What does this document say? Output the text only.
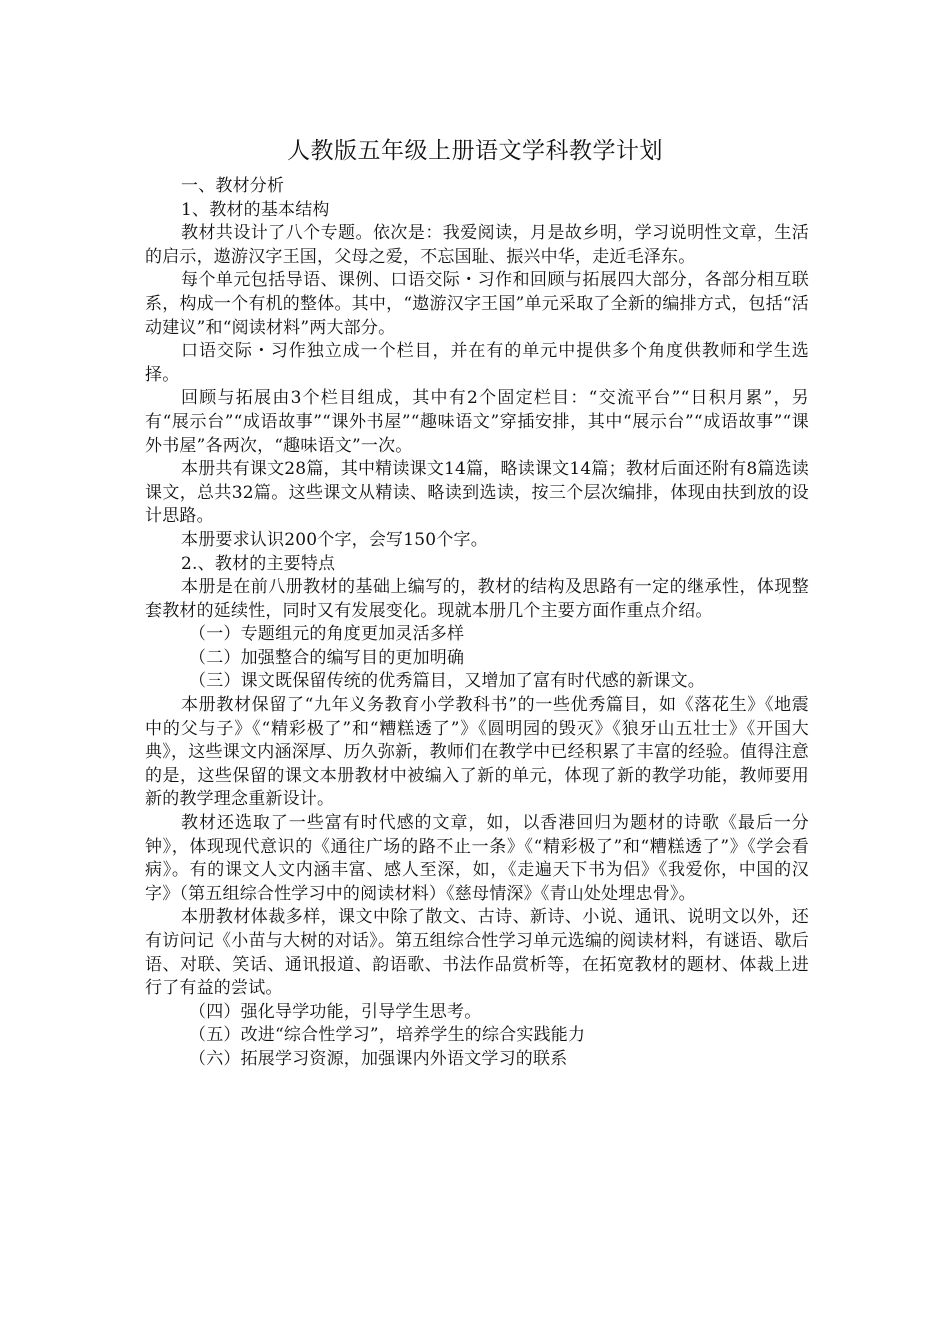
人教版五年级上册语文学科教学计划

一、教材分析

1、教材的基本结构

教材共设计了八个专题。依次是：我爱阅读，月是故乡明，学习说明性文章，生活的启示，遨游汉字王国，父母之爱，不忘国耻、振兴中华，走近毛泽东。

每个单元包括导语、课例、口语交际・习作和回顾与拓展四大部分，各部分相互联系，构成一个有机的整体。其中，“遨游汉字王国”单元采取了全新的编排方式，包括“活动建议”和“阅读材料”两大部分。

口语交际・习作独立成一个栏目，并在有的单元中提供多个角度供教师和学生选择。

回顾与拓展由3个栏目组成，其中有2个固定栏目：“交流平台”“日积月累”，另有“展示台”“成语故事”“课外书屋”“趣味语文”穿插安排，其中“展示台”“成语故事”“课外书屋”各两次，“趣味语文”一次。

本册共有课文28篇，其中精读课文14篇，略读课文14篇；教材后面还附有8篇选读课文，总共32篇。这些课文从精读、略读到选读，按三个层次编排，体现由扶到放的设计思路。

本册要求认识200个字，会写150个字。

2.、教材的主要特点

本册是在前八册教材的基础上编写的，教材的结构及思路有一定的继承性，体现整套教材的延续性，同时又有发展变化。现就本册几个主要方面作重点介绍。

（一）专题组元的角度更加灵活多样

（二）加强整合的编写目的更加明确

（三）课文既保留传统的优秀篇目，又增加了富有时代感的新课文。

本册教材保留了“九年义务教育小学教科书”的一些优秀篇目，如《落花生》《地震中的父与子》《“精彩极了”和“糟糕透了”》《圆明园的毁灭》《狼牙山五壮士》《开国大典》，这些课文内涵深厚、历久弥新，教师们在教学中已经积累了丰富的经验。值得注意的是，这些保留的课文本册教材中被编入了新的单元，体现了新的教学功能，教师要用新的教学理念重新设计。

教材还选取了一些富有时代感的文章，如，以香港回归为题材的诗歌《最后一分钟》，体现现代意识的《通往广场的路不止一条》《“精彩极了”和“糟糕透了”》《学会看病》。有的课文人文内涵丰富、感人至深，如，《走遍天下书为侣》《我爱你，中国的汉字》（第五组综合性学习中的阅读材料）《慈母情深》《青山处处埋忠骨》。

本册教材体裁多样，课文中除了散文、古诗、新诗、小说、通讯、说明文以外，还有访问记《小苗与大树的对话》。第五组综合性学习单元选编的阅读材料，有谜语、歇后语、对联、笑话、通讯报道、韵语歌、书法作品赏析等，在拓宽教材的题材、体裁上进行了有益的尝试。

（四）强化导学功能，引导学生思考。

（五）改进“综合性学习”，培养学生的综合实践能力

（六）拓展学习资源，加强课内外语文学习的联系
